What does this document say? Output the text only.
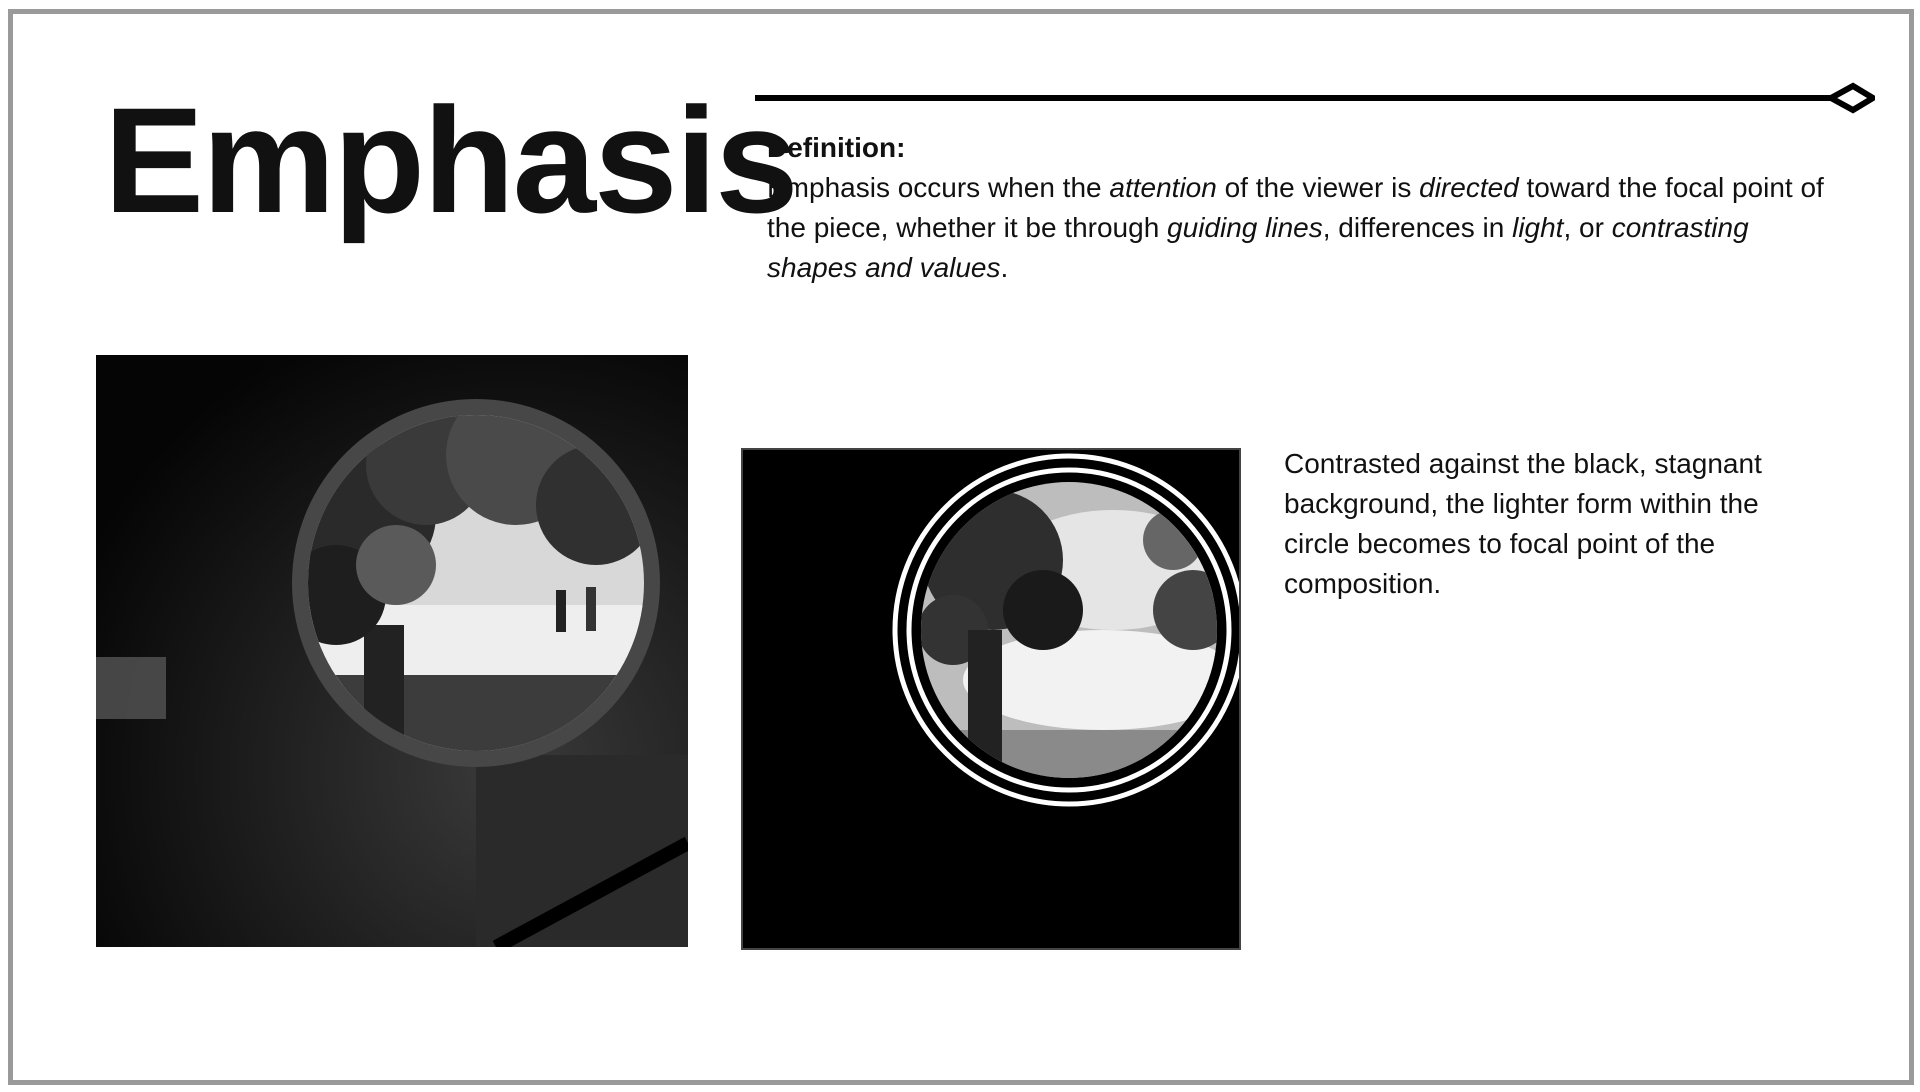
Emphasis
Definition:
Emphasis occurs when the attention of the viewer is directed toward the focal point of the piece, whether it be through guiding lines, differences in light, or contrasting shapes and values.
Contrasted against the black, stagnant background, the lighter form within the circle becomes to focal point of the composition.
